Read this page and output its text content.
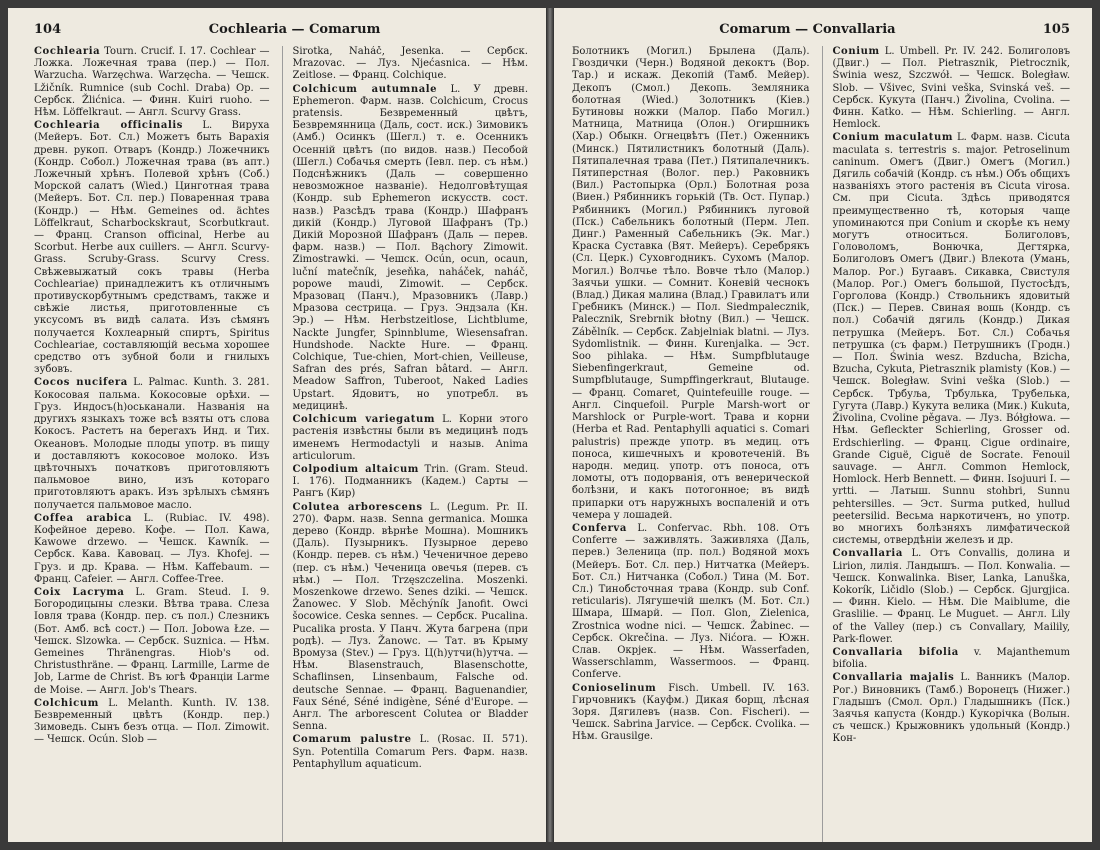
104	Cochlearia — Comarum

Cochlearia Tourn. Crucif. I. 17. Cochlear — Ложка. Ложечная трава (пер.) — Пол. Warzucha. Warzęchwa. Warzęcha. — Чешск. Lžičník. Rumnice (sub Cochl. Draba) Op. — Сербск. Žlićnica. — Финн. Kuiri ruoho. — Нѣм. Löffelkraut. — Англ. Scurvy Grass.

Cochlearia officinalis L. Вируха (Мейеръ. Бот. Сл.) Можетъ быть Варахія древн. рукоп. Отваръ (Кондр.) Ложечникъ (Кондр. Собол.) Ложечная трава (въ апт.) Ложечный хрѣнъ. Полевой хрѣнъ (Соб.) Морской салатъ (Wied.) Цинготная трава (Мейеръ. Бот. Сл. пер.) Поваренная трава (Кондр.) — Нѣм. Gemeines od. ächtes Löffelkraut, Scharbockskraut, Scorbutkraut. — Франц. Cranson officinal, Herbe au Scorbut. Herbe aux cuillers. — Англ. Scurvy-Grass. Scruby-Grass. Scurvy Cress. Свѣжевыжатый сокъ травы (Herba Cochleariae) принадлежитъ къ отличнымъ противускорбутнымъ средствамъ, также и свѣжіе листья, приготовленные съ уксусомъ въ видѣ салата. Изъ сѣмянъ получается Кохлеарный спиртъ, Spiritus Cochleariae, составляющій весьма хорошее средство отъ зубной боли и гнилыхъ зубовъ.

Cocos nucifera L. Palmac. Kunth. 3. 281. Кокосовая пальма. Кокосовые орѣхи. — Груз. Индосъ(h)оськанали. Названія на другихъ языкахъ тоже всѣ взяты отъ слова Кокосъ. Растетъ на берегахъ Инд. и Тих. Океановъ. Молодые плоды употр. въ пищу и доставляютъ кокосовое молоко. Изъ цвѣточныхъ початковъ приготовляютъ пальмовое вино, изъ котораго приготовляютъ аракъ. Изъ зрѣлыхъ сѣмянъ получается пальмовое масло.

Coffea arabica L. (Rubiac. IV. 498). Кофейное дерево. Кофе. — Пол. Kawa, Kawowe drzewo. — Чешск. Kawník. — Сербск. Кава. Кавовац. — Луз. Khofej. — Груз. и др. Крава. — Нѣм. Kaffebaum. — Франц. Cafeier. — Англ. Coffee-Tree.

Coix Lacryma L. Gram. Steud. I. 9. Богородицыны слезки. Вѣтва трава. Слеза Іовля трава (Кондр. пер. съ пол.) Слезникъ (Бот. Амб. всѣ сост.) — Пол. Jobowa Łze. — Чешск. Slzowka. — Сербск. Suznica. — Нѣм. Gemeines Thränengras. Hiob's od. Christusthräne. — Франц. Larmille, Larme de Job, Larme de Christ. Въ югѣ Франціи Larme de Moise. — Англ. Job's Thears.

Colchicum L. Melanth. Kunth. IV. 138. Безвременный цвѣтъ (Кондр. пер.) Зимоведь. Сынъ безъ отца. — Пол. Zimowit. — Чешск. Ocún. Slob —

Sirotka, Naháč, Jesenka. — Сербск. Mrazovac. — Луз. Njećasnica. — Нѣм. Zeitlose. — Франц. Colchique.

Colchicum autumnale L. У древн. Ephemeron. Фарм. назв. Colchicum, Crocus pratensis. Безвременный цвѣтъ, Безвремянница (Даль, сост. иск.) Зимовикъ (Амб.) Осинкъ (Шегл.) т. е. Осенникъ Осенній цвѣтъ (по видов. назв.) Песобой (Шегл.) Собачья смерть (Іевл. пер. съ нѣм.) Подснѣжникъ (Даль — совершенно невозможное названіе). Недолговѣтущая (Кондр. sub Ephemeron искусств. сост. назв.) Разсѣдъ трава (Кондр.) Шафранъ дикій (Кондр.) Луговой Шафранъ (Тр.) Дикій Морозной Шафранъ (Даль — перев. фарм. назв.) — Пол. Bąchory Zimowit. Zimostrawki. — Чешск. Ocún, ocun, ocaun, luční matečník, jeseňka, naháček, naháč, popowe maudi, Zimowit. — Сербск. Мразовац (Панч.), Мразовникъ (Лавр.) Мразова сестрица. — Груз. Эндзала (Кн. Эр.) — Нѣм. Herbstzeitlose, Lichtblume, Nackte Jungfer, Spinnblume, Wiesensafran. Hundshode. Nackte Hure. — Франц. Colchique, Tue-chien, Mort-chien, Veilleuse, Safran des prés, Safran bâtard. — Англ. Meadow Saffron, Tuberoot, Naked Ladies Upstart. Ядовитъ, но употребл. въ медицинѣ.

Colchicum variegatum L. Корни этого растенія извѣстны были въ медицинѣ подъ именемъ Hermodactyli и назыв. Anima articulorum.

Colpodium altaicum Trin. (Gram. Steud. I. 176). Подманникъ (Кадем.) Сарты — Рангъ (Кир)

Colutea arborescens L. (Legum. Pr. II. 270). Фарм. назв. Senna germanica. Мошка дерево (Кондр. вѣрнѣе Мошна). Мошникъ (Даль). Пузырникъ. Пузырное дерево (Кондр. перев. съ нѣм.) Чеченичное дерево (пер. съ нѣм.) Чеченица овечья (перев. съ нѣм.) — Пол. Trzęszczelina. Moszenki. Moszenkowe drzewo. Senes dziki. — Чешск. Žanowec. У Slob. Měchýník Janofit. Owci šocowice. Ceska sennes. — Сербск. Pucalina. Pucalika prosta. У Панч. Жута багрена (при родѣ). — Луз. Žanowc. — Тат. въ Крыму Вромуза (Stev.) — Груз. Ц(h)утчи(h)утча. — Нѣм. Blasenstrauch, Blasenschotte, Schaflinsen, Linsenbaum, Falsche od. deutsche Sennae. — Франц. Baguenandier, Faux Séné, Séné indigène, Séné d'Europe. — Англ. The arborescent Colutea or Bladder Senna.

Comarum palustre L. (Rosac. II. 571). Syn. Potentilla Comarum Pers. Фарм. назв. Pentaphyllum aquaticum.

Comarum — Convallaria	105

Болотникъ (Могил.) Брылена (Даль). Гвоздички (Черн.) Водяной декоктъ (Вор. Тар.) и искаж. Декопій (Тамб. Мейер). Декопъ (Смол.) Декопь. Земляника болотная (Wied.) Золотникъ (Кіев.) Бутиновы ножки (Малор. Пабо Могил.) Матница, Матница (Олон.) Огиршникъ (Хар.) Обыкн. Огнецвѣтъ (Пет.) Оженникъ (Минск.) Пятилистникъ болотный (Даль). Пятипалечная трава (Пет.) Пятипалечникъ. Пятиперстная (Волог. пер.) Раковникъ (Вил.) Растопырка (Орл.) Болотная роза (Виен.) Рябинникъ горькій (Тв. Ост. Пупар.) Рябинникъ (Могил.) Рябинникъ луговой (Пск.) Сабельникъ болотный (Перм. Леп. Динг.) Раменный Сабельникъ (Эк. Маг.) Краска Суставка (Вят. Мейеръ). Серебрякъ (Сл. Церк.) Суховгодникъ. Сухомъ (Малор. Могил.) Волчье тѣло. Вовче тѣло (Малор.) Заячьи ушки. — Сомнит. Коневій чеснокъ (Влад.) Дикая малина (Влад.) Гравилатъ или Гребникъ (Минск.) — Пол. Siedmpalecznik, Palecznik, Srebrnik błotny (Вил.) — Чешск. Zábělník. — Сербск. Zabjelniak blatni. — Луз. Sydomlistnik. — Финн. Kurenjalka. — Эст. Soo pihlaka. — Нѣм. Sumpfblutauge Siebenfingerkraut, Gemeine od. Sumpfblutauge, Sumpffingerkraut, Blutauge. — Франц. Comaret, Quintefeuille rouge. — Англ. Cinquefoil. Purple Marsh-wort or Marshlock or Purple-wort. Трава и корни (Herba et Rad. Pentaphylli aquatici s. Comari palustris) прежде употр. въ медиц. отъ поноса, кишечныхъ и кровотеченій. Въ народн. медиц. употр. отъ поноса, отъ ломоты, отъ подорванія, отъ венерической болѣзни, и какъ потогонное; въ видѣ припарки отъ наружныхъ воспаленій и отъ чемера у лошадей.

Conferva L. Confervac. Rbh. 108. Отъ Conferre — заживлять. Заживляха (Даль, перев.) Зеленица (пр. пол.) Водяной мохъ (Мейеръ. Бот. Сл. пер.) Нитчатка (Мейеръ. Бот. Сл.) Нитчанка (Собол.) Тина (М. Бот. Сл.) Тинобсточная трава (Кондр. sub Conf. reticularis). Лягушечій шелкъ (М. Бот. Сл.) Шмара, Шмарй. — Пол. Glon, Zielenica, Zrostnica wodne nici. — Чешск. Žabinec. — Сербск. Okrečina. — Луз. Nićora. — Южн. Слав. Окрјек. — Нѣм. Wasserfaden, Wasserschlamm, Wassermoos. — Франц. Conferve.

Conioselinum Fisch. Umbell. IV. 163. Гирчовникъ (Кауфм.) Дикая борщ, лѣсная Зоря. Дягилевъ (назв. Con. Fischeri). — Чешск. Sabrina Jarvice. — Сербск. Cvolika. — Нѣм. Grausilge.

Conium L. Umbell. Pr. IV. 242. Болиголовъ (Двиг.) — Пол. Pietrasznik, Pietrocznik, Świnia wesz, Szczwół. — Чешск. Bolegław. Slob. — Všivec, Svini veška, Svinská veš. — Сербск. Кукута (Панч.) Živolina, Cvolina. — Финн. Katko. — Нѣм. Schierling. — Англ. Hemlock.

Conium maculatum L. Фарм. назв. Cicuta maculata s. terrestris s. major. Petroselinum caninum. Омегъ (Двиг.) Омегъ (Могил.) Дягиль собачій (Кондр. съ нѣм.) Объ общихъ названіяхъ этого растенія въ Cicuta virosa. См. при Cicuta. Здѣсь приводятся преимущественно тѣ, которыя чаще упоминаются при Conium и скорѣе къ нему могутъ относиться. Болиголовъ, Головоломъ, Вонючка, Дегтярка, Болиголовъ Омегъ (Двиг.) Влекота (Умань, Малор. Рог.) Бугаавъ. Сикавка, Свистуля (Малор. Рог.) Омегъ большой, Пустосѣдъ, Горголова (Кондр.) Ствольникъ ядовитый (Пск.) — Перев. Свиная вошь (Кондр. съ пол.) Собачій дягиль (Кондр.) Дикая петрушка (Мейеръ. Бот. Сл.) Собачья петрушка (съ фарм.) Петрушникъ (Гродн.) — Пол. Świnia wesz. Bzducha, Bzicha, Bzucha, Cykuta, Pietrasznik plamisty (Ков.) — Чешск. Bolegław. Svini veška (Slob.) — Сербск. Трбуља, Трбулька, Трубелька, Гугута (Лавр.) Кукута велика (Мик.) Kukuta, Živolina, Cvoline pěgava. — Луз. Bółgłowa. — Нѣм. Gefleckter Schierling, Grosser od. Erdschierling. — Франц. Cigue ordinaire, Grande Ciguë, Ciguë de Socrate. Fenouil sauvage. — Англ. Common Hemlock, Homlock. Herb Bennett. — Финн. Isojuuri I. — yrtti. — Латыш. Sunnu stohbri, Sunnu pehtersilles. — Эст. Surma putked, hullud peetersilid. Весьма наркотиченъ, но употр. во многихъ болѣзняхъ лимфатической системы, отвердѣніи железъ и др.

Convallaria L. Отъ Convallis, долина и Lirion, лилія. Ландышъ. — Пол. Konwalia. — Чешск. Konwalinka. Biser, Lanka, Lanuška, Kokorík, Ličidlo (Slob.) — Сербск. Gjurgjica. — Финн. Kielo. — Нѣм. Die Maiblume, die Graslilie. — Франц. Le Muguet. — Англ. Lily of the Valley (пер.) съ Convallary, Mailily, Park-flower.

Convallaria bifolia v. Majanthemum bifolia.

Convallaria majalis L. Ванникъ (Малор. Рог.) Виновникъ (Тамб.) Воронецъ (Нижег.) Гладышъ (Смол. Орл.) Гладышникъ (Пск.) Заячья капуста (Кондр.) Кукорічка (Волын. съ чешск.) Крыжовникъ удольный (Кондр.) Кон-
